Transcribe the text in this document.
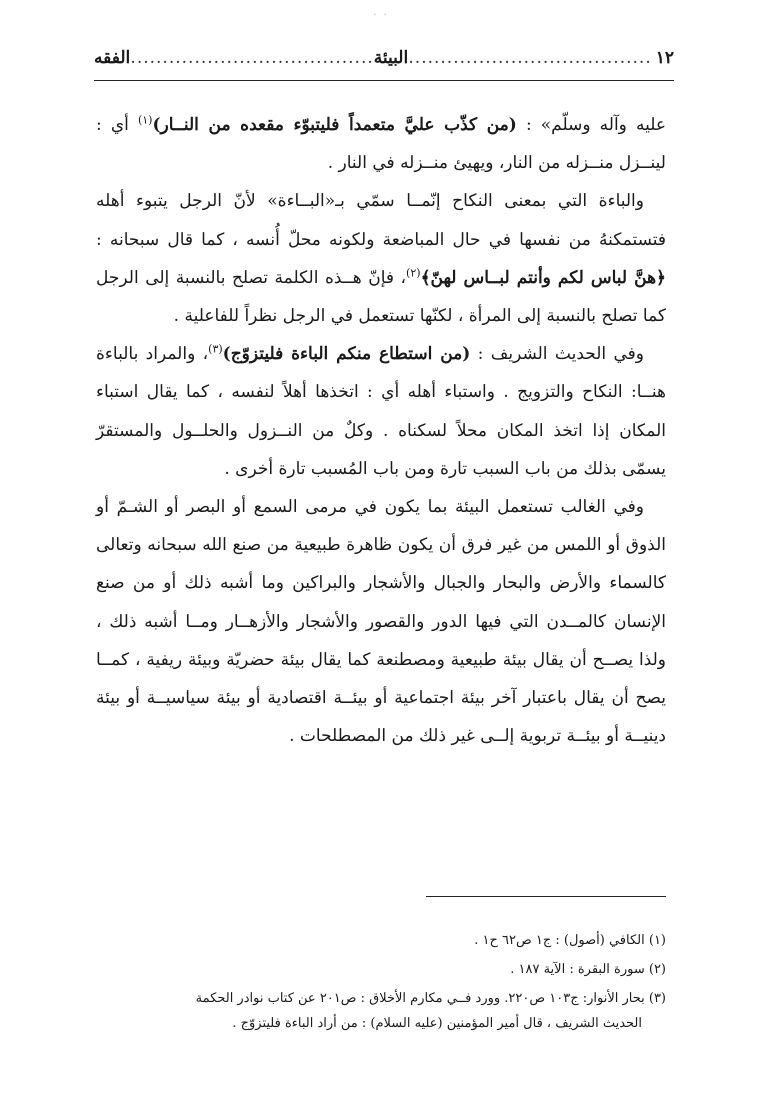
· ·
١٢
.....
البيئة
.....
الفقه

عليه وآله وسلّم» : (من كذّب عليَّ متعمداً فليتبوّء مقعده من النــار)$^{(١)}$ أي : لينــزل منــزله من النار، ويهيئ منــزله في النار .

والباءة التي بمعنى النكاح إنّمــا سمّي بـ«البــاءة» لأنّ الرجل يتبوء أهله فتستمكنهُ من نفسها في حال المباضعة ولكونه محلّ أُنسه ، كما قال سبحانه : ﴿هنَّ لباس لكم وأنتم لبــاس لهنّ﴾$^{(٢)}$، فإنّ هــذه الكلمة تصلح بالنسبة إلى الرجل كما تصلح بالنسبة إلى المرأة ، لكنّها تستعمل في الرجل نظراً للفاعلية .

وفي الحديث الشريف : (من استطاع منكم الباءة فليتزوّج)$^{(٣)}$، والمراد بالباءة هنــا: النكاح والتزويج . واستباء أهله أي : اتخذها أهلاً لنفسه ، كما يقال استباء المكان إذا اتخذ المكان محلاً لسكناه . وكلٌ من النــزول والحلــول والمستقرّ يسمّى بذلك من باب السبب تارة ومن باب المُسبب تارة أخرى .

وفي الغالب تستعمل البيئة بما يكون في مرمى السمع أو البصر أو الشـمّ أو الذوق أو اللمس من غير فرق أن يكون ظاهرة طبيعية من صنع الله سبحانه وتعالى كالسماء والأرض والبحار والجبال والأشجار والبراكين وما أشبه ذلك أو من صنع الإنسان كالمــدن التي فيها الدور والقصور والأشجار والأزهــار ومــا أشبه ذلك ، ولذا يصــح أن يقال بيئة طبيعية ومصطنعة كما يقال بيئة حضريّة وبيئة ريفية ، كمــا يصح أن يقال باعتبار آخر بيئة اجتماعية أو بيئــة اقتصادية أو بيئة سياسيــة أو بيئة دينيــة أو بيئــة تربوية إلــى غير ذلك من المصطلحات .

(١) الكافي (أصول) : ج١ ص٦٢ ح١ .

(٢) سورة البقرة : الآية ١٨٧ .

(٣) بحار الأنوار: ج١٠٣ ص٢٢٠. وورد فــي مكارم الأخلاق : ص٢٠١ عن كتاب نوادر الحكمة

الحديث الشريف ، قال أمير المؤمنين (عليه السلام) : من أراد الباءة فليتزوّج .
